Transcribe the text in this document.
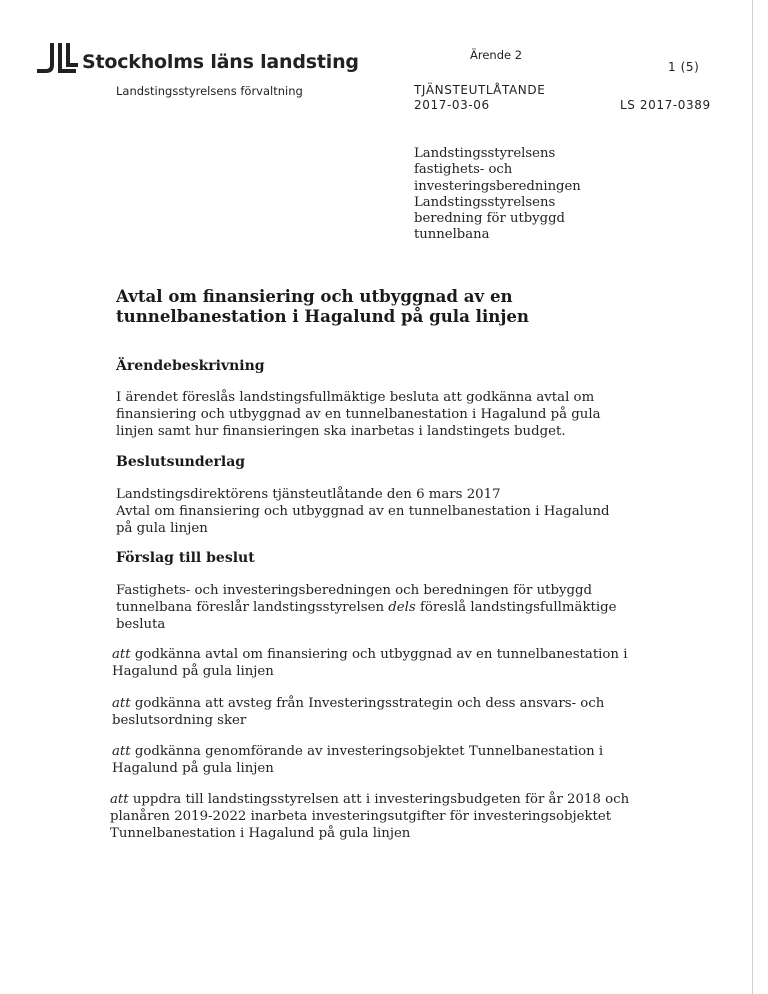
Stockholms läns landsting
Landstingsstyrelsens förvaltning
Ärende 2
1 (5)
TJÄNSTEUTLÅTANDE
2017-03-06	LS 2017-0389
Landstingsstyrelsens
fastighets- och
investeringsberedningen
Landstingsstyrelsens
beredning för utbyggd
tunnelbana
Avtal om finansiering och utbyggnad av en
tunnelbanestation i Hagalund på gula linjen
Ärendebeskrivning
I ärendet föreslås landstingsfullmäktige besluta att godkänna avtal om
finansiering och utbyggnad av en tunnelbanestation i Hagalund på gula
linjen samt hur finansieringen ska inarbetas i landstingets budget.
Beslutsunderlag
Landstingsdirektörens tjänsteutlåtande den 6 mars 2017
Avtal om finansiering och utbyggnad av en tunnelbanestation i Hagalund
på gula linjen
Förslag till beslut
Fastighets- och investeringsberedningen och beredningen för utbyggd
tunnelbana föreslår landstingsstyrelsen dels föreslå landstingsfullmäktige
besluta
att godkänna avtal om finansiering och utbyggnad av en tunnelbanestation i
Hagalund på gula linjen
att godkänna att avsteg från Investeringsstrategin och dess ansvars- och
beslutsordning sker
att godkänna genomförande av investeringsobjektet Tunnelbanestation i
Hagalund på gula linjen
att uppdra till landstingsstyrelsen att i investeringsbudgeten för år 2018 och
planåren 2019-2022 inarbeta investeringsutgifter för investeringsobjektet
Tunnelbanestation i Hagalund på gula linjen
